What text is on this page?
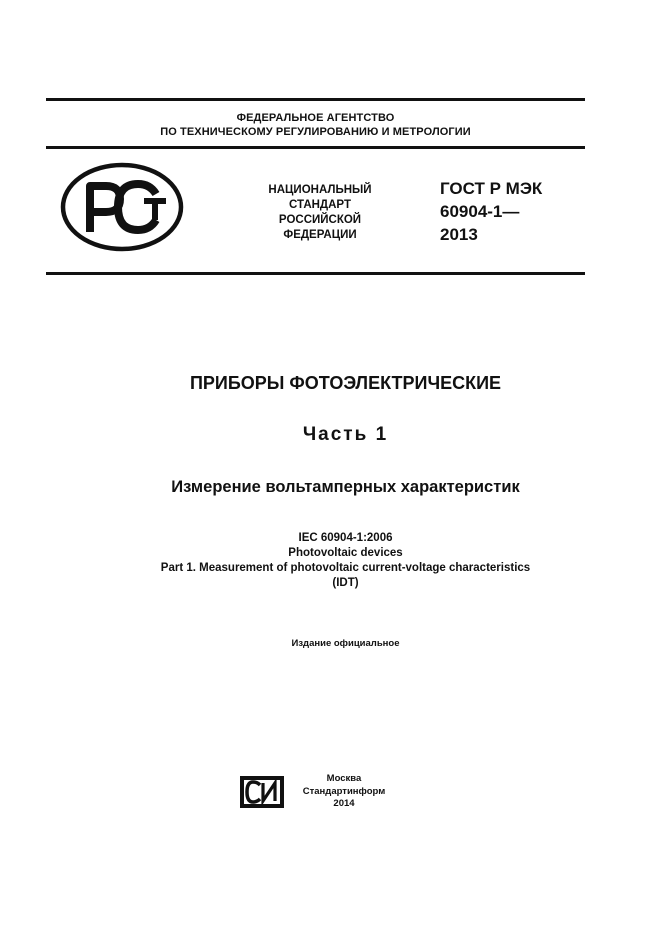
ФЕДЕРАЛЬНОЕ АГЕНТСТВО
ПО ТЕХНИЧЕСКОМУ РЕГУЛИРОВАНИЮ И МЕТРОЛОГИИ
НАЦИОНАЛЬНЫЙ
СТАНДАРТ
РОССИЙСКОЙ
ФЕДЕРАЦИИ
ГОСТ Р МЭК
60904-1—
2013
ПРИБОРЫ ФОТОЭЛЕКТРИЧЕСКИЕ
Часть 1
Измерение вольтамперных характеристик
IEC 60904-1:2006
Photovoltaic devices
Part 1. Measurement of photovoltaic current-voltage characteristics
(IDT)
Издание официальное
Москва
Стандартинформ
2014
